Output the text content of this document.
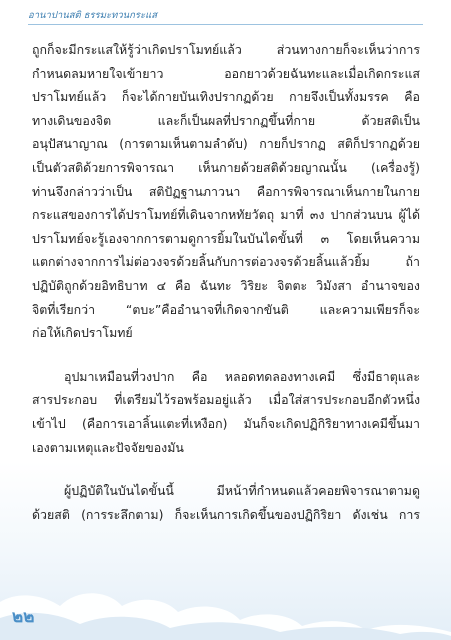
อานาปานสติ ธรรมะทวนกระแส
ถูกก็จะมีกระแสให้รู้ว่าเกิดปราโมทย์แล้ว ส่วนทางกายก็จะเห็นว่าการ
กำหนดลมหายใจเข้ายาว ออกยาวด้วยฉันทะและเมื่อเกิดกระแส
ปราโมทย์แล้ว ก็จะได้กายบันเทิงปรากฏด้วย กายจึงเป็นทั้งมรรค คือ
ทางเดินของจิต และก็เป็นผลที่ปรากฏขึ้นที่กาย ด้วยสติเป็น
อนุปัสนาญาณ (การตามเห็นตามลำดับ) กายก็ปรากฏ สติก็ปรากฏด้วย
เป็นตัวสติด้วยการพิจารณา เห็นกายด้วยสติด้วยญาณนั้น (เครื่องรู้)
ท่านจึงกล่าวว่าเป็น สติปัฏฐานภาวนา คือการพิจารณาเห็นกายในกาย
กระแสของการได้ปราโมทย์ที่เดินจากหทัยวัตถุ มาที่ ๓ง ปากส่วนบน ผู้ได้
ปราโมทย์จะรู้เองจากการตามดูการยิ้มในบันไดขั้นที่ ๓ โดยเห็นความ
แตกต่างจากการไม่ต่อวงจรด้วยลิ้นกับการต่อวงจรด้วยลิ้นแล้วยิ้ม ถ้า
ปฏิบัติถูกด้วยอิทธิบาท ๔ คือ ฉันทะ วิริยะ จิตตะ วิมังสา อำนาจของ
จิตที่เรียกว่า “ตบะ”คืออำนาจที่เกิดจากขันติ และความเพียรก็จะ
ก่อให้เกิดปราโมทย์
อุปมาเหมือนที่วงปาก คือ หลอดทดลองทางเคมี ซึ่งมีธาตุและ
สารประกอบ ที่เตรียมไว้รอพร้อมอยู่แล้ว เมื่อใส่สารประกอบอีกตัวหนึ่ง
เข้าไป (คือการเอาลิ้นแตะที่เหงือก) มันก็จะเกิดปฏิกิริยาทางเคมีขึ้นมา
เองตามเหตุและปัจจัยของมัน
ผู้ปฏิบัติในบันไดขั้นนี้ มีหน้าที่กำหนดแล้วคอยพิจารณาตามดู
ด้วยสติ (การระลึกตาม) ก็จะเห็นการเกิดขึ้นของปฏิกิริยา ดังเช่น การ
๒๒
